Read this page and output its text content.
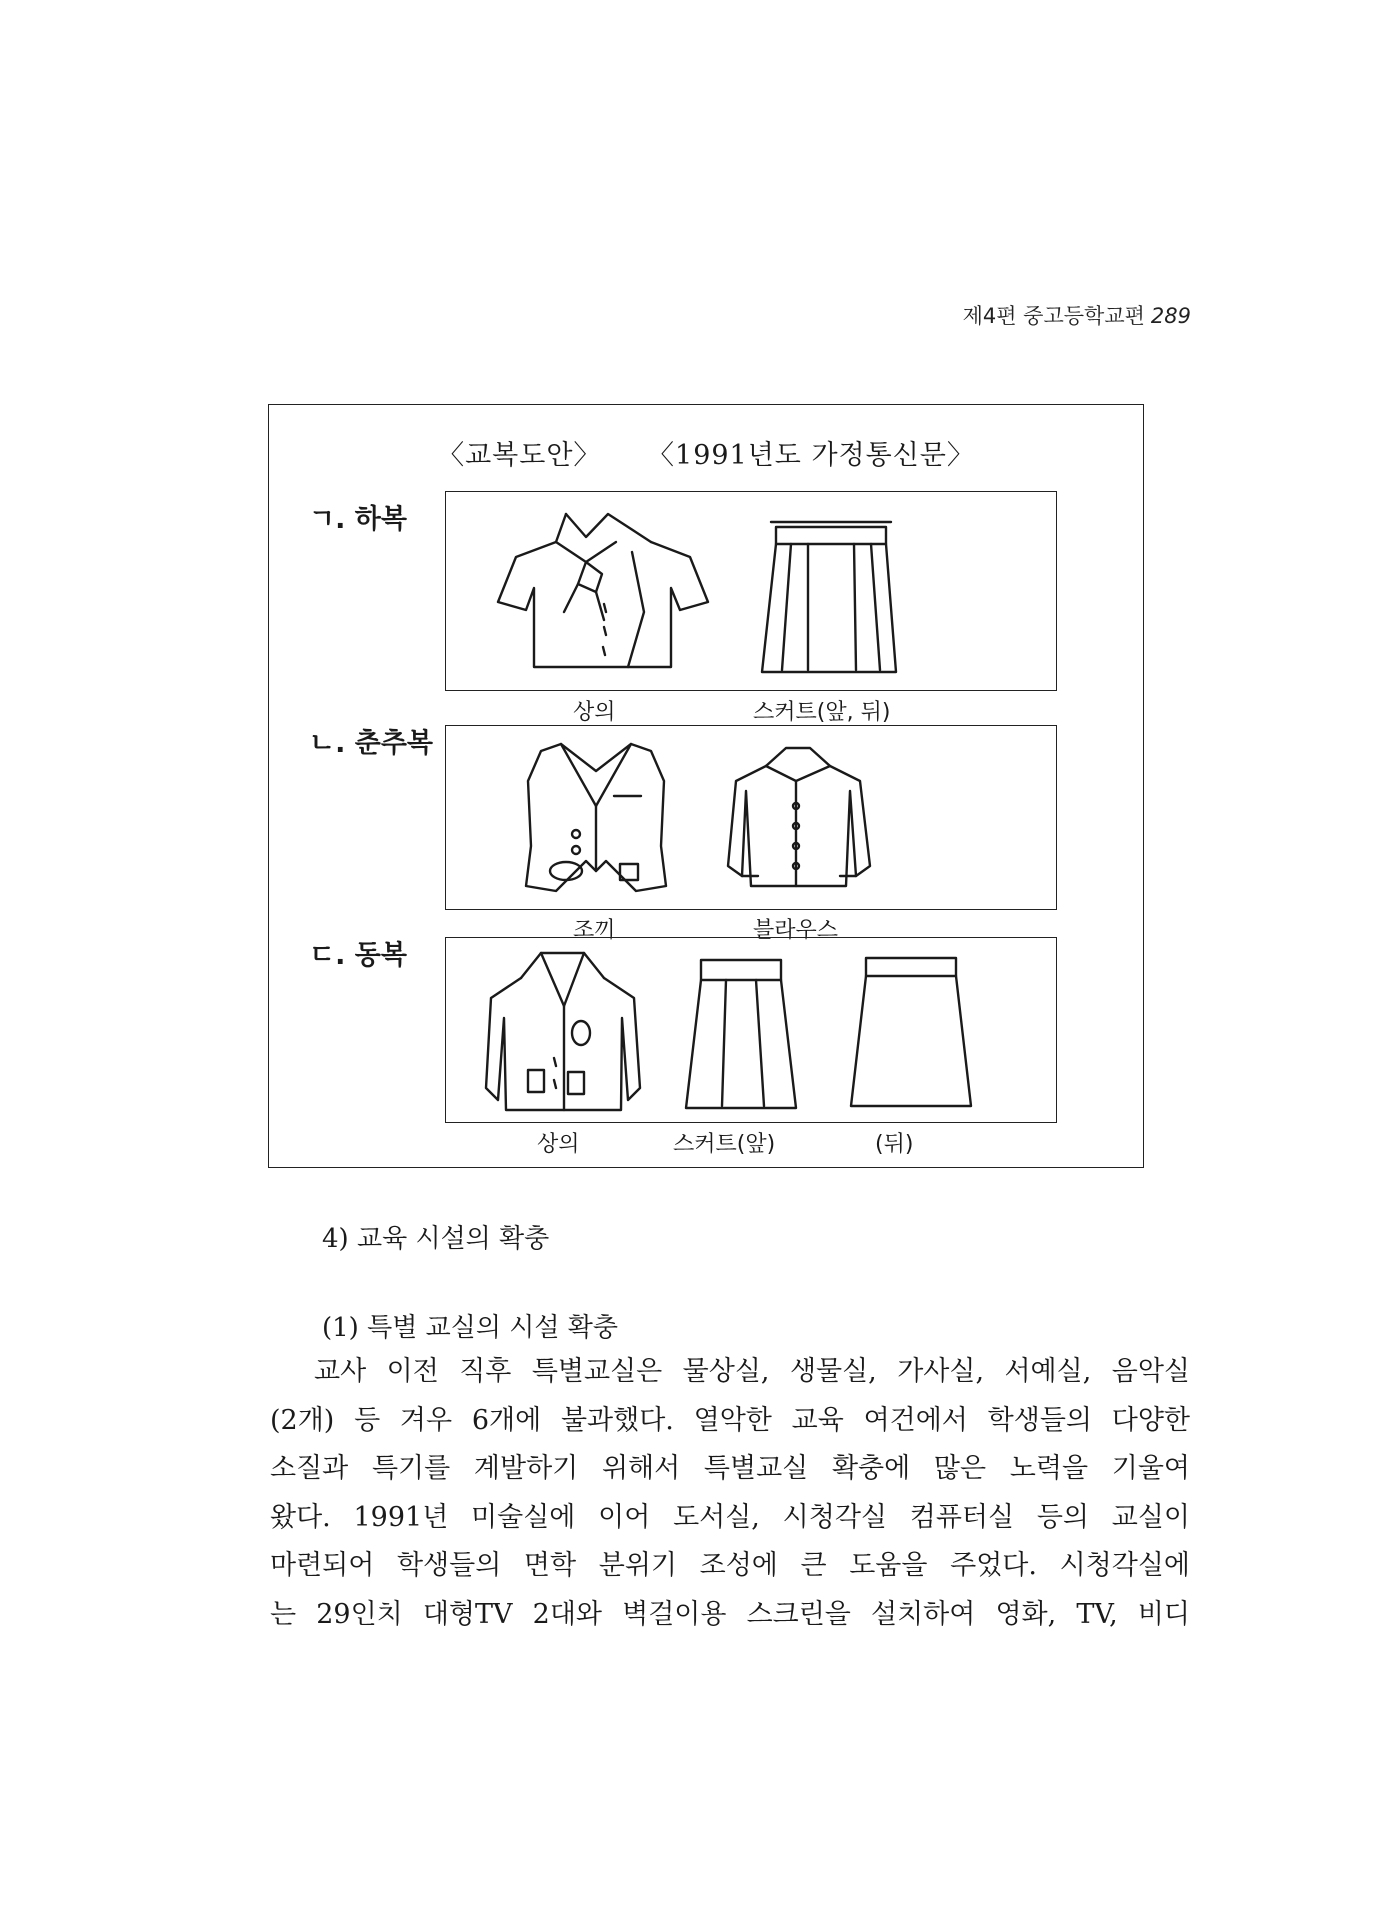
제4편 중고등학교편 289
〈교복도안〉 〈1991년도 가정통신문〉
ㄱ. 하복
상의	스커트(앞, 뒤)
ㄴ. 춘추복
조끼	블라우스
ㄷ. 동복
상의	스커트(앞)	(뒤)
4) 교육 시설의 확충
(1) 특별 교실의 시설 확충
교사 이전 직후 특별교실은 물상실, 생물실, 가사실, 서예실, 음악실
(2개) 등 겨우 6개에 불과했다. 열악한 교육 여건에서 학생들의 다양한
소질과 특기를 계발하기 위해서 특별교실 확충에 많은 노력을 기울여
왔다. 1991년 미술실에 이어 도서실, 시청각실 컴퓨터실 등의 교실이
마련되어 학생들의 면학 분위기 조성에 큰 도움을 주었다. 시청각실에
는 29인치 대형TV 2대와 벽걸이용 스크린을 설치하여 영화, TV, 비디
